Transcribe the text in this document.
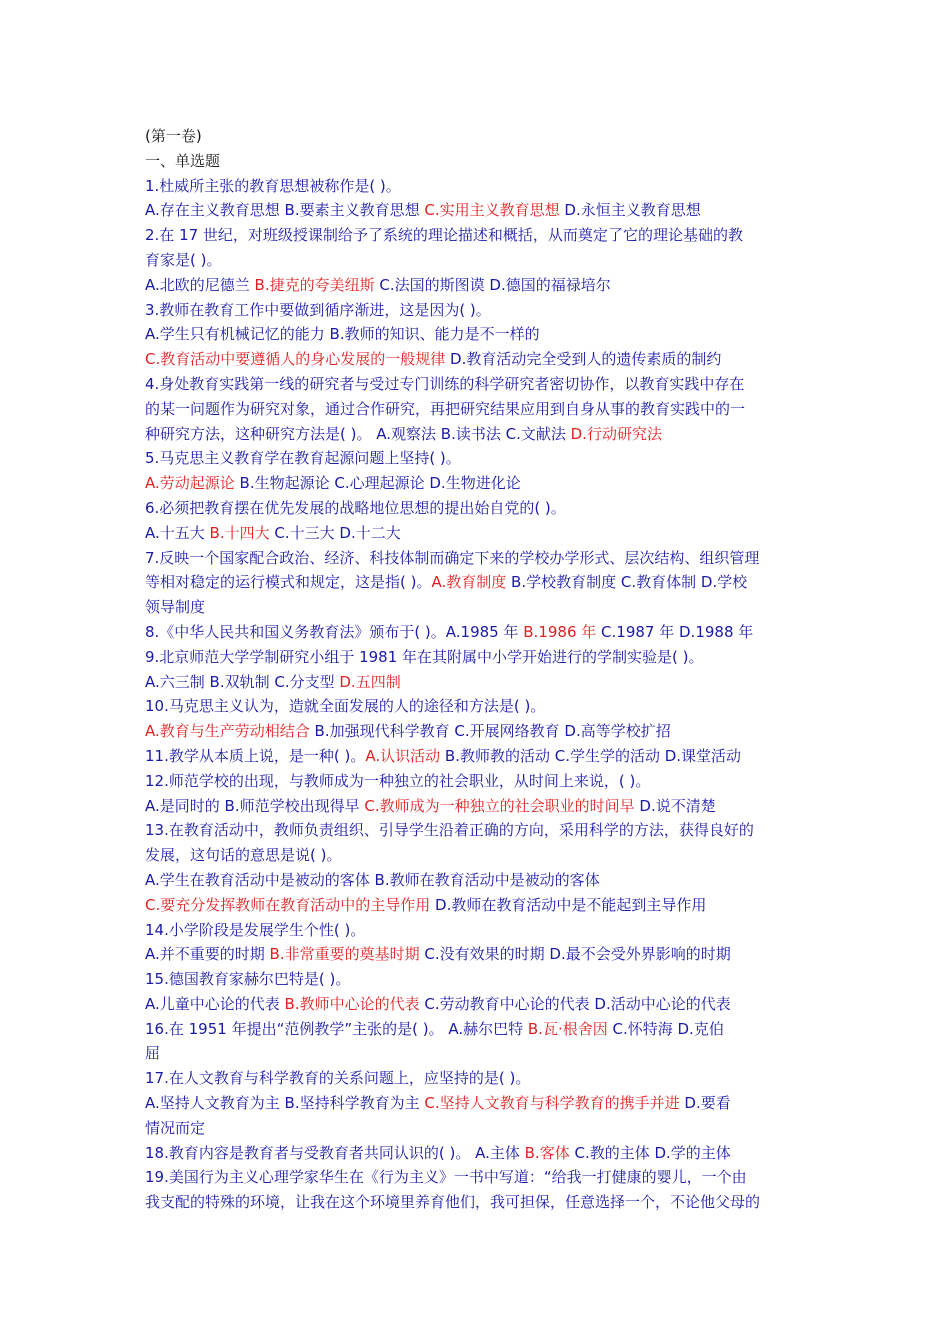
(第一卷)
一、单选题
1.杜威所主张的教育思想被称作是( )。
A.存在主义教育思想 B.要素主义教育思想 C.实用主义教育思想 D.永恒主义教育思想
2.在 17 世纪，对班级授课制给予了系统的理论描述和概括，从而奠定了它的理论基础的教
育家是( )。
A.北欧的尼德兰 B.捷克的夸美纽斯 C.法国的斯图谟 D.德国的福禄培尔
3.教师在教育工作中要做到循序渐进，这是因为( )。
A.学生只有机械记忆的能力 B.教师的知识、能力是不一样的
C.教育活动中要遵循人的身心发展的一般规律 D.教育活动完全受到人的遗传素质的制约
4.身处教育实践第一线的研究者与受过专门训练的科学研究者密切协作，以教育实践中存在
的某一问题作为研究对象，通过合作研究，再把研究结果应用到自身从事的教育实践中的一
种研究方法，这种研究方法是( )。 A.观察法 B.读书法 C.文献法 D.行动研究法
5.马克思主义教育学在教育起源问题上坚持( )。
A.劳动起源论 B.生物起源论 C.心理起源论 D.生物进化论
6.必须把教育摆在优先发展的战略地位思想的提出始自党的( )。
A.十五大 B.十四大 C.十三大 D.十二大
7.反映一个国家配合政治、经济、科技体制而确定下来的学校办学形式、层次结构、组织管理
等相对稳定的运行模式和规定，这是指( )。A.教育制度 B.学校教育制度 C.教育体制 D.学校
领导制度
8.《中华人民共和国义务教育法》颁布于( )。A.1985 年 B.1986 年 C.1987 年 D.1988 年
9.北京师范大学学制研究小组于 1981 年在其附属中小学开始进行的学制实验是( )。
A.六三制 B.双轨制 C.分支型 D.五四制
10.马克思主义认为，造就全面发展的人的途径和方法是( )。
A.教育与生产劳动相结合 B.加强现代科学教育 C.开展网络教育 D.高等学校扩招
11.教学从本质上说，是一种( )。A.认识活动 B.教师教的活动 C.学生学的活动 D.课堂活动
12.师范学校的出现，与教师成为一种独立的社会职业，从时间上来说，( )。
A.是同时的 B.师范学校出现得早 C.教师成为一种独立的社会职业的时间早 D.说不清楚
13.在教育活动中，教师负责组织、引导学生沿着正确的方向，采用科学的方法，获得良好的
发展，这句话的意思是说( )。
A.学生在教育活动中是被动的客体 B.教师在教育活动中是被动的客体
C.要充分发挥教师在教育活动中的主导作用 D.教师在教育活动中是不能起到主导作用
14.小学阶段是发展学生个性( )。
A.并不重要的时期 B.非常重要的奠基时期 C.没有效果的时期 D.最不会受外界影响的时期
15.德国教育家赫尔巴特是( )。
A.儿童中心论的代表 B.教师中心论的代表 C.劳动教育中心论的代表 D.活动中心论的代表
16.在 1951 年提出“范例教学”主张的是( )。 A.赫尔巴特 B.瓦·根舍因 C.怀特海 D.克伯
屈
17.在人文教育与科学教育的关系问题上，应坚持的是( )。
A.坚持人文教育为主 B.坚持科学教育为主 C.坚持人文教育与科学教育的携手并进 D.要看
情况而定
18.教育内容是教育者与受教育者共同认识的( )。 A.主体 B.客体 C.教的主体 D.学的主体
19.美国行为主义心理学家华生在《行为主义》一书中写道：“给我一打健康的婴儿，一个由
我支配的特殊的环境，让我在这个环境里养育他们，我可担保，任意选择一个，不论他父母的
